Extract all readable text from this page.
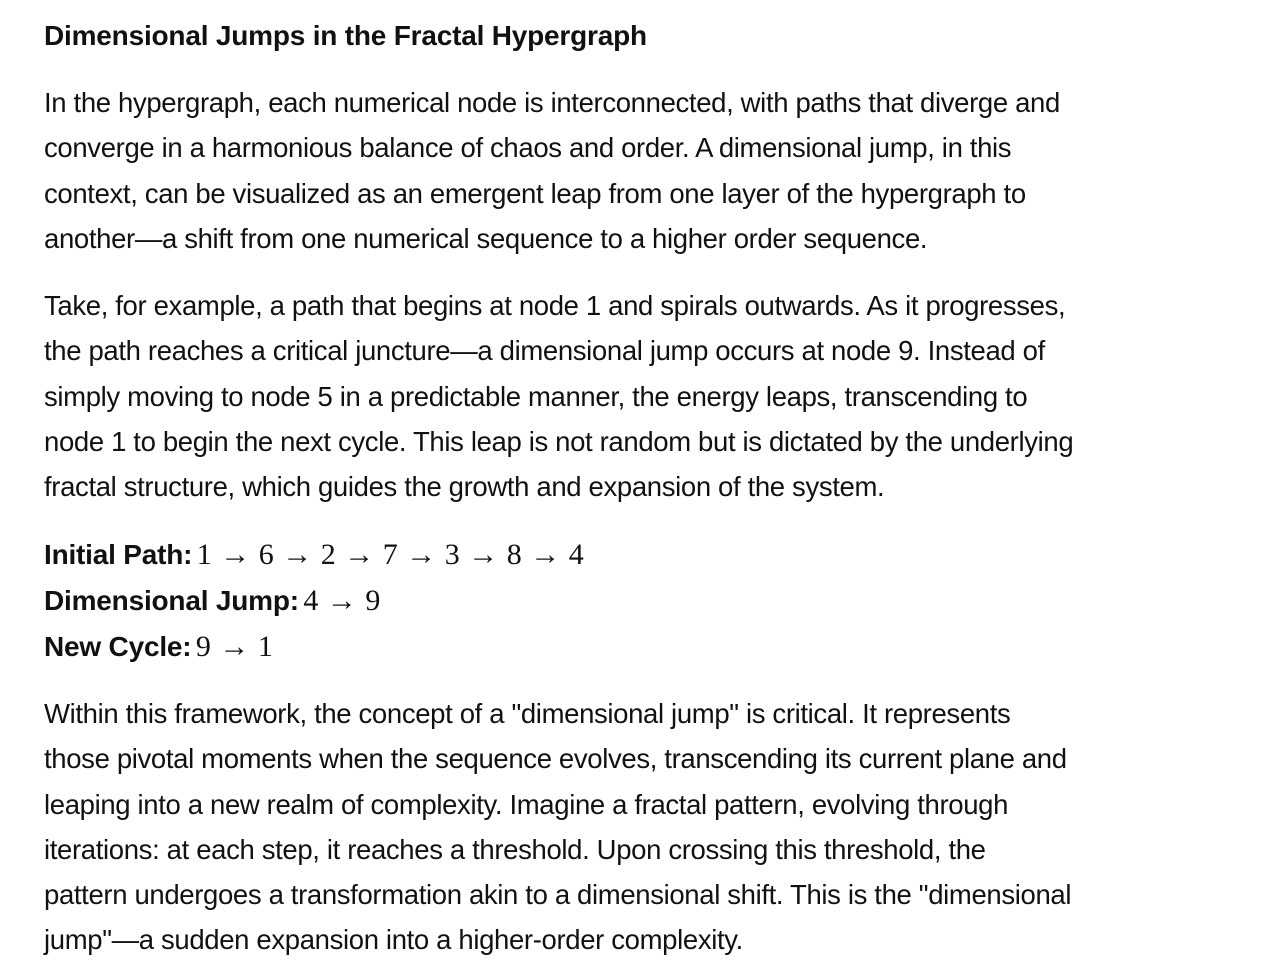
Dimensional Jumps in the Fractal Hypergraph

In the hypergraph, each numerical node is interconnected, with paths that diverge and
converge in a harmonious balance of chaos and order. A dimensional jump, in this
context, can be visualized as an emergent leap from one layer of the hypergraph to
another—a shift from one numerical sequence to a higher order sequence.

Take, for example, a path that begins at node 1 and spirals outwards. As it progresses,
the path reaches a critical juncture—a dimensional jump occurs at node 9. Instead of
simply moving to node 5 in a predictable manner, the energy leaps, transcending to
node 1 to begin the next cycle. This leap is not random but is dictated by the underlying
fractal structure, which guides the growth and expansion of the system.

Initial Path: 1 → 6 → 2 → 7 → 3 → 8 → 4
Dimensional Jump: 4 → 9
New Cycle: 9 → 1

Within this framework, the concept of a "dimensional jump" is critical. It represents
those pivotal moments when the sequence evolves, transcending its current plane and
leaping into a new realm of complexity. Imagine a fractal pattern, evolving through
iterations: at each step, it reaches a threshold. Upon crossing this threshold, the
pattern undergoes a transformation akin to a dimensional shift. This is the "dimensional
jump"—a sudden expansion into a higher-order complexity.
